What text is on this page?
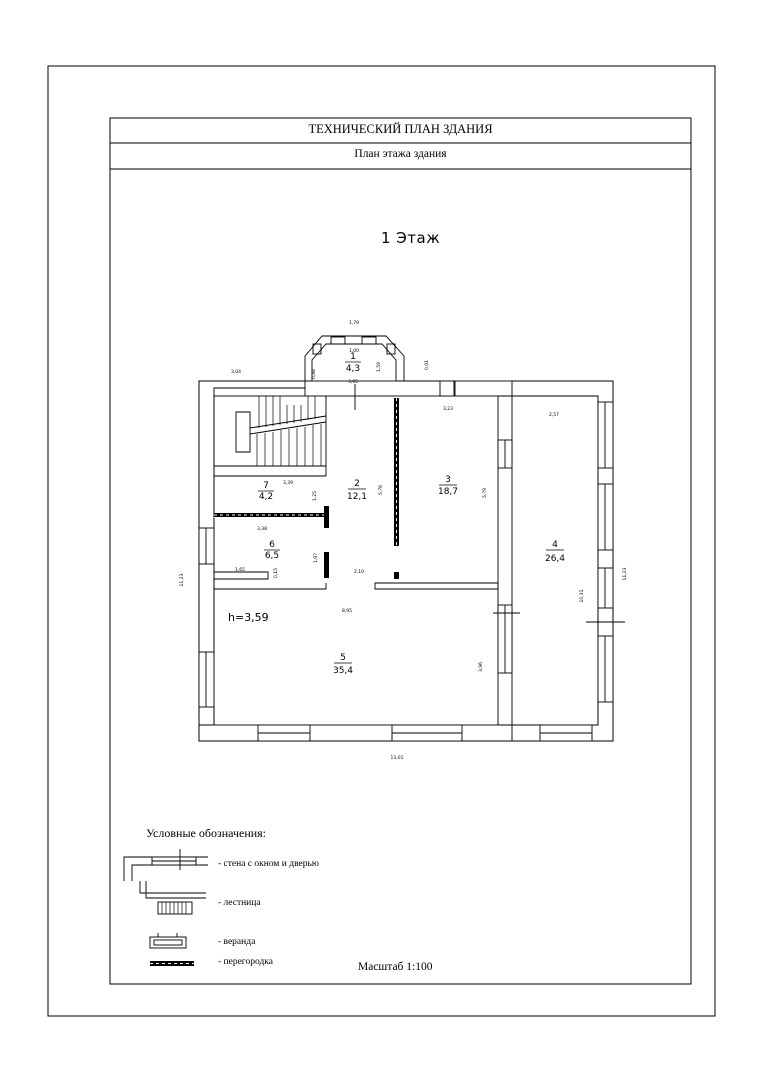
1
4,3
2
12,1
3
18,7
4
26,4
5
35,4
6
6,5
7
4,2
h=3,59
1,79
1,00
0,88
1,59	0,91
3,05
3,04
3,23
2,57
3,39
1,25
5,76	5,79
3,38
1,65	0,15
1,97
2,10
11,23	11,23
10,31
8,95
3,96
13,01
ТЕХНИЧЕСКИЙ ПЛАН ЗДАНИЯ
План этажа здания
1 Этаж
Условные обозначения:
- стена с окном и дверью
- лестница
- веранда
- перегородка	Масштаб 1:100
